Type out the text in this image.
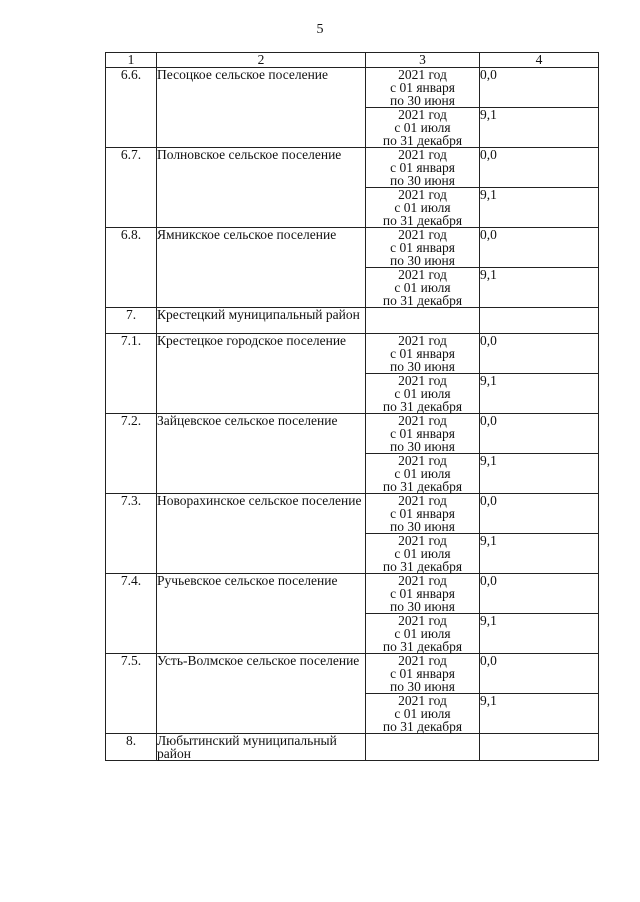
5
1	2	3	4
6.6.	Песоцкое сельское поселение	2021 год
с 01 января
по 30 июня	0,0

		2021 год
с 01 июля
по 31 декабря	9,1
6.7.	Полновское сельское поселение	2021 год
с 01 января
по 30 июня	0,0

		2021 год
с 01 июля
по 31 декабря	9,1
6.8.	Ямникское сельское поселение	2021 год
с 01 января
по 30 июня	0,0

		2021 год
с 01 июля
по 31 декабря	9,1
7.	Крестецкий муниципальный район		
7.1.	Крестецкое городское поселение	2021 год
с 01 января
по 30 июня	0,0

		2021 год
с 01 июля
по 31 декабря	9,1
7.2.	Зайцевское сельское поселение	2021 год
с 01 января
по 30 июня	0,0

		2021 год
с 01 июля
по 31 декабря	9,1
7.3.	Новорахинское сельское поселение	2021 год
с 01 января
по 30 июня	0,0

		2021 год
с 01 июля
по 31 декабря	9,1
7.4.	Ручьевское сельское поселение	2021 год
с 01 января
по 30 июня	0,0

		2021 год
с 01 июля
по 31 декабря	9,1
7.5.	Усть-Волмское сельское поселение	2021 год
с 01 января
по 30 июня	0,0

		2021 год
с 01 июля
по 31 декабря	9,1
8.	Любытинский муниципальный район		
